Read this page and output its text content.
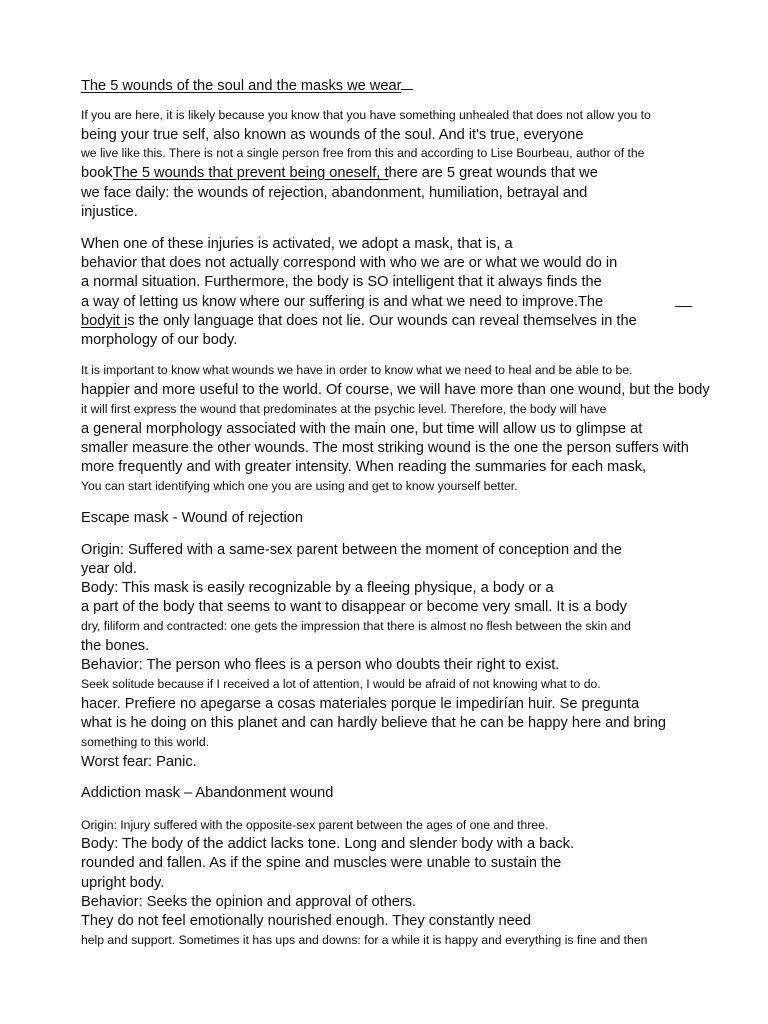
The 5 wounds of the soul and the masks we wear
If you are here, it is likely because you know that you have something unhealed that does not allow you to
being your true self, also known as wounds of the soul. And it's true, everyone
we live like this. There is not a single person free from this and according to Lise Bourbeau, author of the
bookThe 5 wounds that prevent being oneself, there are 5 great wounds that we
we face daily: the wounds of rejection, abandonment, humiliation, betrayal and
injustice.
When one of these injuries is activated, we adopt a mask, that is, a
behavior that does not actually correspond with who we are or what we would do in
a normal situation. Furthermore, the body is SO intelligent that it always finds the
a way of letting us know where our suffering is and what we need to improve.The
bodyit is the only language that does not lie. Our wounds can reveal themselves in the
morphology of our body.
It is important to know what wounds we have in order to know what we need to heal and be able to be.
happier and more useful to the world. Of course, we will have more than one wound, but the body
it will first express the wound that predominates at the psychic level. Therefore, the body will have
a general morphology associated with the main one, but time will allow us to glimpse at
smaller measure the other wounds. The most striking wound is the one the person suffers with
more frequently and with greater intensity. When reading the summaries for each mask,
You can start identifying which one you are using and get to know yourself better.
Escape mask - Wound of rejection
Origin: Suffered with a same-sex parent between the moment of conception and the
year old.
Body: This mask is easily recognizable by a fleeing physique, a body or a
a part of the body that seems to want to disappear or become very small. It is a body
dry, filiform and contracted: one gets the impression that there is almost no flesh between the skin and
the bones.
Behavior: The person who flees is a person who doubts their right to exist.
Seek solitude because if I received a lot of attention, I would be afraid of not knowing what to do.
hacer. Prefiere no apegarse a cosas materiales porque le impedirían huir. Se pregunta
what is he doing on this planet and can hardly believe that he can be happy here and bring
something to this world.
Worst fear: Panic.
Addiction mask – Abandonment wound
Origin: Injury suffered with the opposite-sex parent between the ages of one and three.
Body: The body of the addict lacks tone. Long and slender body with a back.
rounded and fallen. As if the spine and muscles were unable to sustain the
upright body.
Behavior: Seeks the opinion and approval of others.
They do not feel emotionally nourished enough. They constantly need
help and support. Sometimes it has ups and downs: for a while it is happy and everything is fine and then
